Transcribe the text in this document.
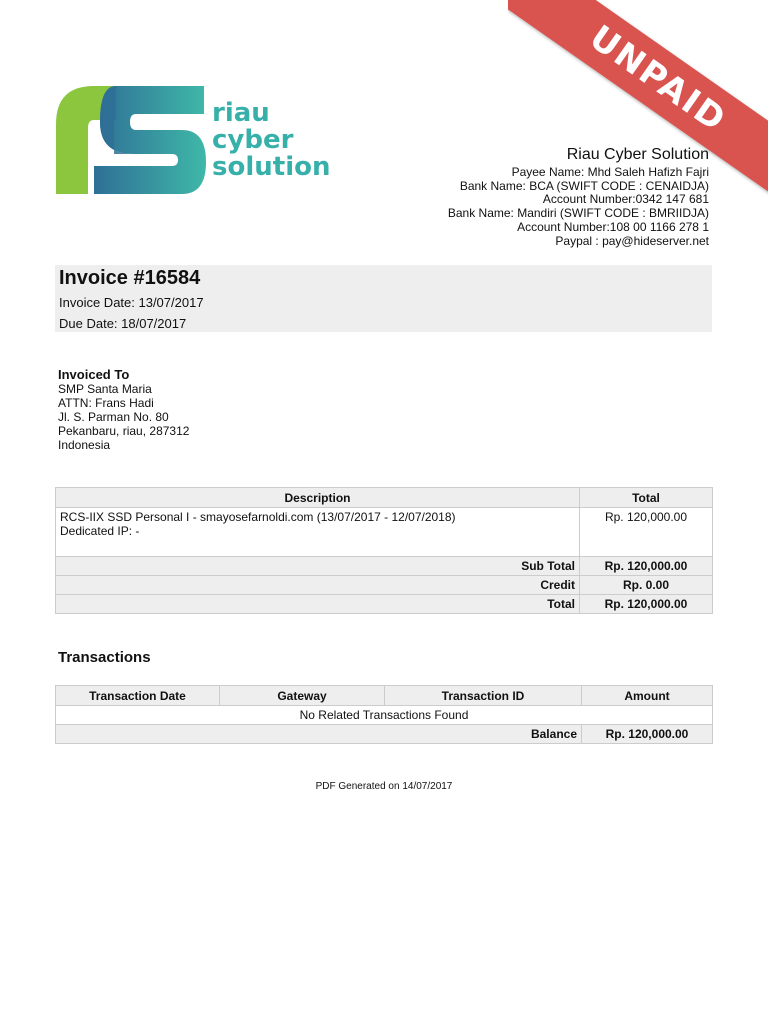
UNPAID
riau
cyber
solution	Riau Cyber Solution
Payee Name: Mhd Saleh Hafizh Fajri
Bank Name: BCA (SWIFT CODE : CENAIDJA)
Account Number:0342 147 681
Bank Name: Mandiri (SWIFT CODE : BMRIIDJA)
Account Number:108 00 1166 278 1
Paypal : pay@hideserver.net
Invoice #16584
Invoice Date: 13/07/2017
Due Date: 18/07/2017
Invoiced To
SMP Santa Maria
ATTN: Frans Hadi
Jl. S. Parman No. 80
Pekanbaru, riau, 287312
Indonesia
Description	Total

RCS-IIX SSD Personal I - smayosefarnoldi.com (13/07/2017 - 12/07/2018)
Dedicated IP: -	Rp. 120,000.00
Sub Total	Rp. 120,000.00
Credit	Rp. 0.00
Total	Rp. 120,000.00
Transactions
Transaction Date	Gateway	Transaction ID	Amount
No Related Transactions Found			
Balance			Rp. 120,000.00
PDF Generated on 14/07/2017
